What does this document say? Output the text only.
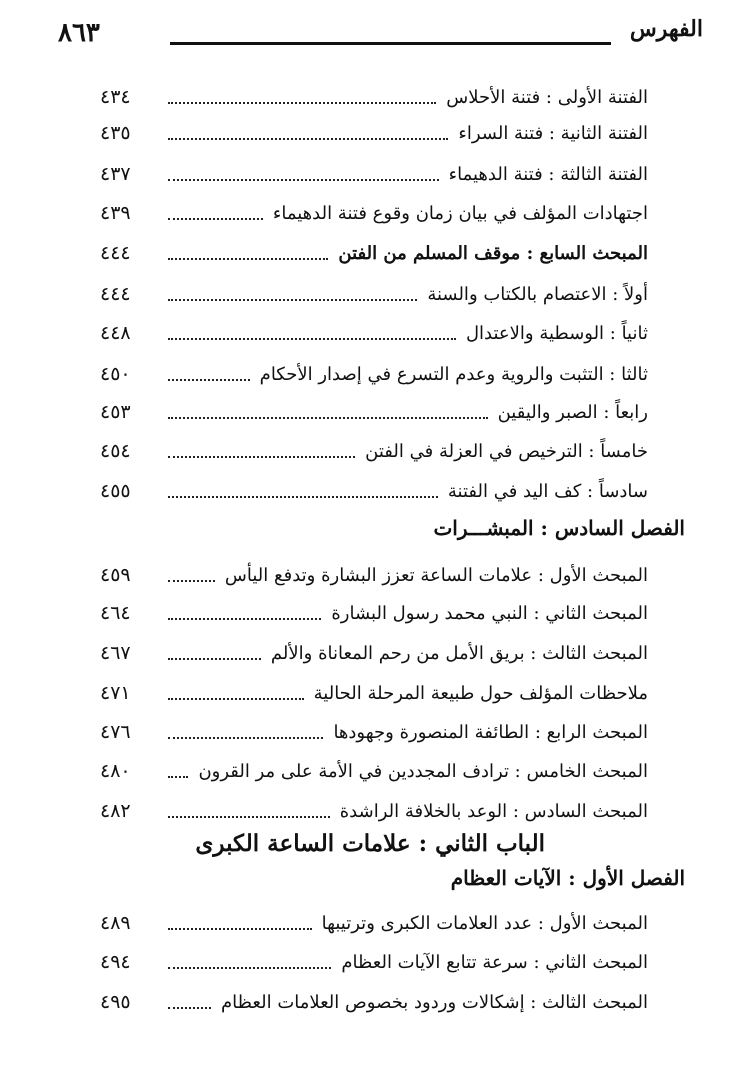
٨٦٣	الفهرس
الفتنة الأولى : فتنة الأحلاس
٤٣٤
الفتنة الثانية : فتنة السراء
٤٣٥
الفتنة الثالثة : فتنة الدهيماء
٤٣٧
اجتهادات المؤلف في بيان زمان وقوع فتنة الدهيماء
٤٣٩
المبحث السابع : موقف المسلم من الفتن
٤٤٤
أولاً : الاعتصام بالكتاب والسنة
٤٤٤
ثانياً : الوسطية والاعتدال
٤٤٨
ثالثا : التثبت والروية وعدم التسرع في إصدار الأحكام
٤٥٠
رابعاً : الصبر واليقين
٤٥٣
خامساً : الترخيص في العزلة في الفتن
٤٥٤
سادساً : كف اليد في الفتنة
٤٥٥
الفصل السادس : المبشـــرات
المبحث الأول : علامات الساعة تعزز البشارة وتدفع اليأس
٤٥٩
المبحث الثاني : النبي محمد رسول البشارة
٤٦٤
المبحث الثالث : بريق الأمل من رحم المعاناة والألم
٤٦٧
ملاحظات المؤلف حول طبيعة المرحلة الحالية
٤٧١
المبحث الرابع : الطائفة المنصورة وجهودها
٤٧٦
المبحث الخامس : ترادف المجددين في الأمة على مر القرون
٤٨٠
المبحث السادس : الوعد بالخلافة الراشدة
٤٨٢
الباب الثاني : علامات الساعة الكبرى
الفصل الأول : الآيات العظام
المبحث الأول : عدد العلامات الكبرى وترتيبها
٤٨٩
المبحث الثاني : سرعة تتابع الآيات العظام
٤٩٤
المبحث الثالث : إشكالات وردود بخصوص العلامات العظام
٤٩٥
